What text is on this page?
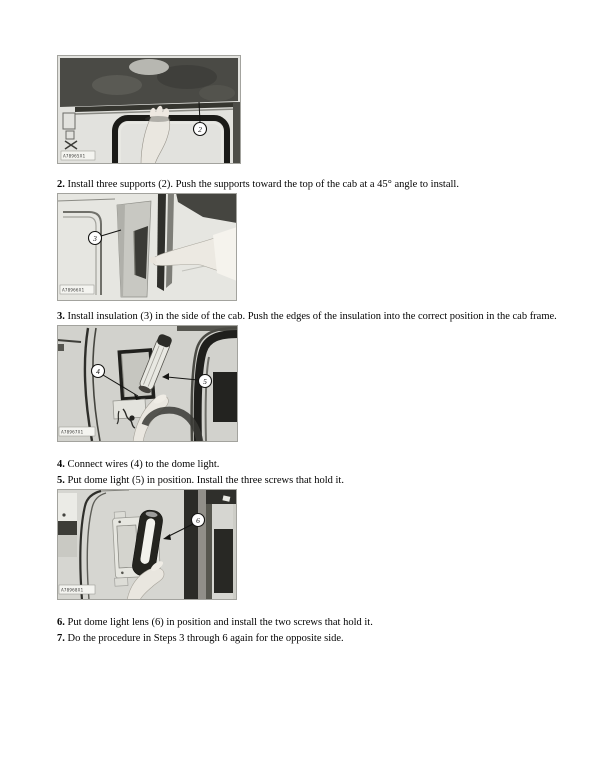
2
A78965X1

2. Install three supports (2). Push the supports toward the top of the cab at a 45° angle to install.

3
A78966X1

3. Install insulation (3) in the side of the cab. Push the edges of the insulation into the correct position in the cab frame.

4
5
A78967X1

4. Connect wires (4) to the dome light.

5. Put dome light (5) in position. Install the three screws that hold it.

6
A78968X1

6. Put dome light lens (6) in position and install the two screws that hold it.

7. Do the procedure in Steps 3 through 6 again for the opposite side.
